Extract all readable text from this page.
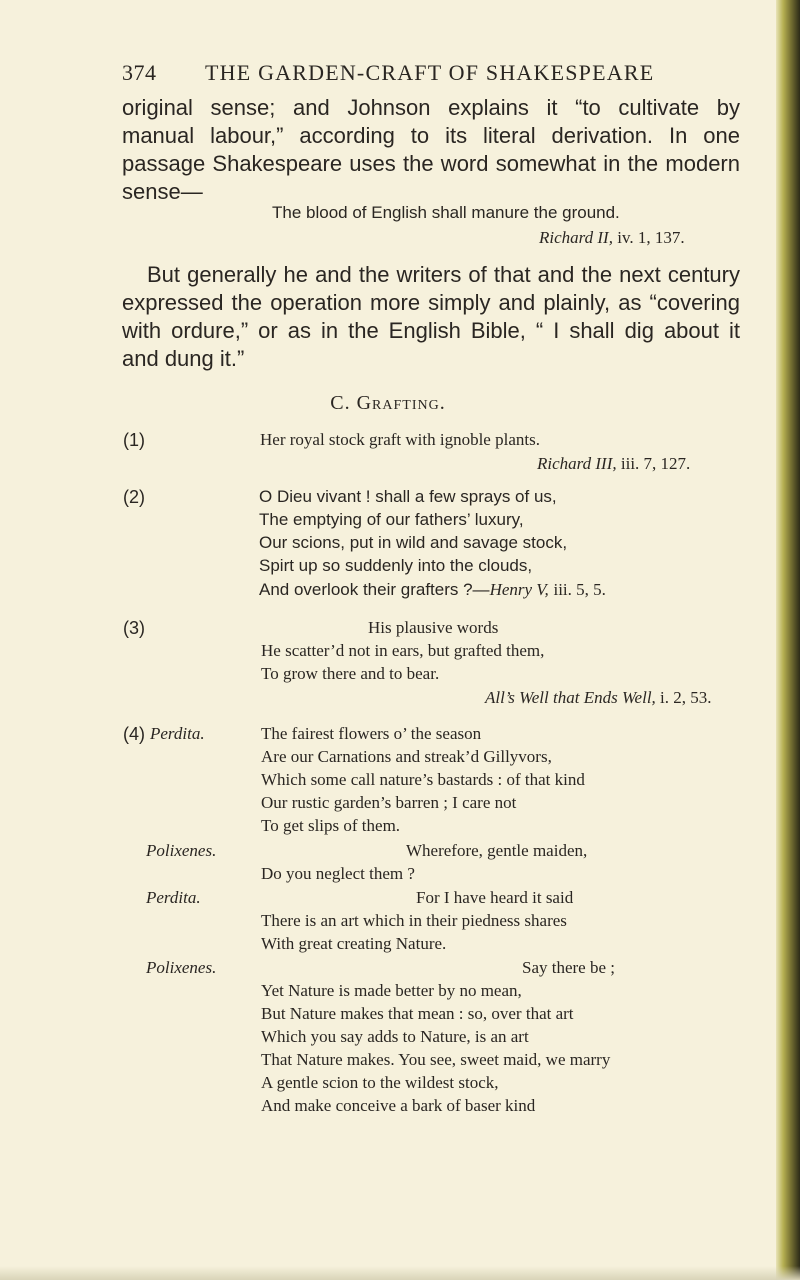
374 THE GARDEN-CRAFT OF SHAKESPEARE
original sense; and Johnson explains it “to cultivate by
manual labour,” according to its literal derivation. In one
passage Shakespeare uses the word somewhat in the modern
sense—
The blood of English shall manure the ground.
Richard II, iv. 1, 137.
But generally he and the writers of that and the next century
expressed the operation more simply and plainly, as “covering
with ordure,” or as in the English Bible, “ I shall dig about it
and dung it.”
C. Grafting.
(1)	Her royal stock graft with ignoble plants.
Richard III, iii. 7, 127.
(2)	O Dieu vivant ! shall a few sprays of us,
The emptying of our fathers’ luxury,
Our scions, put in wild and savage stock,
Spirt up so suddenly into the clouds,
And overlook their grafters ?—Henry V, iii. 5, 5.
(3)	His plausive words
He scatter’d not in ears, but grafted them,
To grow there and to bear.
All’s Well that Ends Well, i. 2, 53.
(4) Perdita.	The fairest flowers o’ the season
Are our Carnations and streak’d Gillyvors,
Which some call nature’s bastards : of that kind
Our rustic garden’s barren ; I care not
To get slips of them.
Polixenes.	Wherefore, gentle maiden,
Do you neglect them ?
Perdita.	For I have heard it said
There is an art which in their piedness shares
With great creating Nature.
Polixenes.	Say there be ;
Yet Nature is made better by no mean,
But Nature makes that mean : so, over that art
Which you say adds to Nature, is an art
That Nature makes. You see, sweet maid, we marry
A gentle scion to the wildest stock,
And make conceive a bark of baser kind
